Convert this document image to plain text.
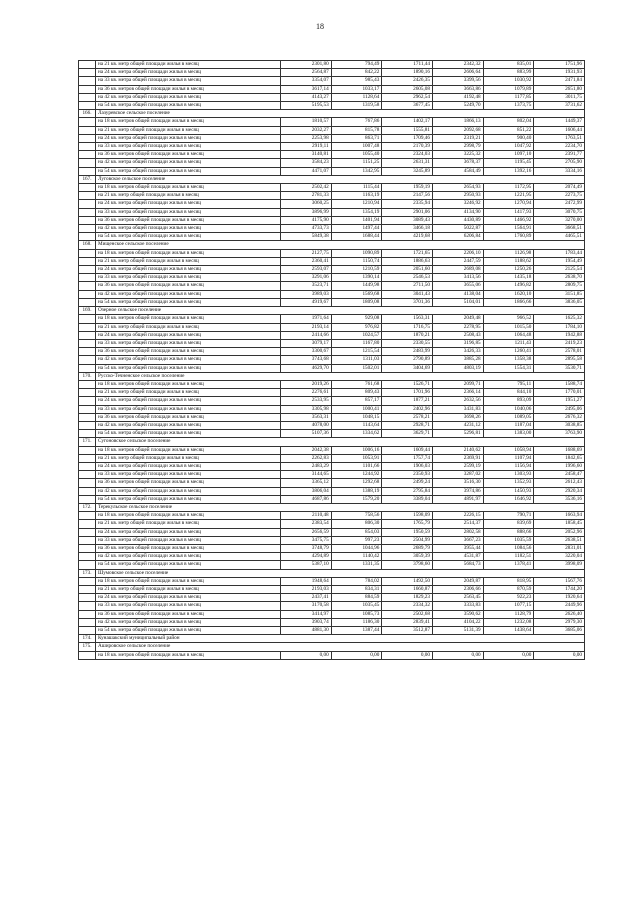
18
	на 21 кв. метр общей площади жилья в месяц	2301,80	794,49	1711,44	2342,32	835,01	1751,96
	на 24 кв. метра общей площади жилья в месяц	2564,87	842,22	1890,16	2606,64	883,99	1931,93
	на 33 кв. метра общей площади жилья в месяц	3354,07	985,43	2426,35	3399,56	1030,92	2471,84
	на 36 кв. метров общей площади жилья в месяц	3617,14	1033,17	2605,08	3663,86	1079,89	2651,80
	на 42 кв. метра общей площади жилья в месяц	4143,27	1128,64	2962,54	4192,48	1177,85	3011,75
	на 54 кв. метра общей площади жилья в месяц	5195,53	1319,58	3677,45	5249,70	1373,75	3731,62
166.	Лазуревское сельское поселение						
	на 18 кв. метров общей площади жилья в месяц	1810,57	767,86	1402,17	1866,13	802,04	1449,37
	на 21 кв. метр общей площади жилья в месяц	2032,27	815,78	1555,81	2092,68	851,22	1606,44
	на 24 кв. метра общей площади жилья в месяц	2253,98	863,71	1709,46	2319,21	900,40	1763,51
	на 33 кв. метра общей площади жилья в месяц	2919,11	1007,48	2170,39	2998,79	1047,92	2234,70
	на 36 кв. метров общей площади жилья в месяц	3140,81	1055,40	2324,03	3225,32	1097,10	2391,77
	на 42 кв. метра общей площади жилья в месяц	3584,23	1151,25	2631,31	3678,37	1195,45	2705,90
	на 54 кв. метра общей площади жилья в месяц	4471,07	1342,95	3245,89	4584,49	1392,16	3334,16
167.	Луговское сельское поселение						
	на 18 кв. метров общей площади жилья в месяц	2502,42	1115,44	1959,19	2654,93	1172,95	2074,49
	на 21 кв. метр общей площади жилья в месяц	2781,33	1163,19	2147,56	2950,93	1221,95	2273,75
	на 24 кв. метра общей площади жилья в месяц	3060,25	1210,94	2335,94	3246,92	1270,94	2472,99
	на 33 кв. метра общей площади жилья в месяц	3896,99	1354,19	2901,06	4134,90	1417,93	3070,75
	на 36 кв. метров общей площади жилья в месяц	4175,90	1401,94	3089,43	4430,89	1466,92	3270,00
	на 42 кв. метра общей площади жилья в месяц	4733,73	1497,44	3466,18	5022,87	1564,91	3668,51
	на 54 кв. метра общей площади жилья в месяц	5849,38	1688,44	4219,68	6206,84	1760,89	4465,51
168.	Мищенское сельское поселение						
	на 18 кв. метров общей площади жилья в месяц	2127,75	1090,89	1721,65	2206,10	1126,98	1783,44
	на 21 кв. метр общей площади жилья в месяц	2360,41	1150,74	1886,63	2447,59	1188,62	1954,49
	на 24 кв. метра общей площади жилья в месяц	2593,07	1210,59	2051,60	2689,08	1250,26	2125,54
	на 33 кв. метра общей площади жилья в месяц	3291,06	1390,14	2546,53	3413,56	1435,18	2638,70
	на 36 кв. метров общей площади жилья в месяц	3523,71	1449,98	2711,50	3655,06	1496,82	2809,75
	на 42 кв. метра общей площади жилья в месяц	3989,03	1569,68	3041,43	4138,04	1620,10	3151,85
	на 54 кв. метра общей площади жилья в месяц	4919,67	1809,08	3701,36	5104,01	1866,66	3836,05
169.	Озерное сельское поселение						
	на 18 кв. метров общей площади жилья в месяц	1971,64	929,08	1563,31	2049,48	966,52	1625,32
	на 21 кв. метр общей площади жилья в месяц	2193,14	976,82	1716,75	2278,95	1015,50	1784,10
	на 24 кв. метра общей площади жилья в месяц	2414,66	1024,57	1870,21	2508,43	1064,48	1942,88
	на 33 кв. метра общей площади жилья в месяц	3079,17	1167,80	2330,55	3196,85	1211,43	2419,23
	на 36 кв. метров общей площади жилья в месяц	3300,67	1215,54	2483,99	3426,33	1260,41	2578,01
	на 42 кв. метра общей площади жилья в месяц	3743,68	1311,03	2790,89	3885,28	1358,38	2895,58
	на 54 кв. метра общей площади жилья в месяц	4629,70	1502,01	3404,69	4803,19	1554,31	3530,71
170.	Русско-Течненское сельское поселение						
	на 18 кв. метров общей площади жилья в месяц	2019,26	761,68	1526,71	2099,71	795,11	1588,74
	на 21 кв. метр общей площади жилья в месяц	2276,61	809,43	1701,96	2366,14	844,10	1770,01
	на 24 кв. метра общей площади жилья в месяц	2533,95	857,17	1877,21	2632,56	893,09	1951,27
	на 33 кв. метра общей площади жилья в месяц	3305,98	1000,41	2402,96	3431,83	1040,06	2495,06
	на 36 кв. метров общей площади жилья в месяц	3563,31	1048,15	2578,21	3698,26	1089,05	2676,32
	на 42 кв. метра общей площади жилья в месяц	4078,00	1143,64	2928,71	4231,12	1187,04	3038,85
	на 54 кв. метра общей площади жилья в месяц	5107,36	1334,62	3629,71	5296,81	1383,00	3763,90
171.	Сугоновское сельское поселение						
	на 18 кв. метров общей площади жилья в месяц	2042,38	1006,16	1609,44	2140,62	1058,94	1688,69
	на 21 кв. метр общей площади жилья в месяц	2262,83	1053,91	1757,74	2369,91	1107,94	1842,65
	на 24 кв. метра общей площади жилья в месяц	2483,29	1101,66	1906,03	2599,19	1156,94	1996,60
	на 33 кв. метра общей площади жилья в месяц	3144,65	1244,92	2350,93	3287,02	1303,93	2458,47
	на 36 кв. метров общей площади жилья в месяц	3365,12	1292,68	2499,24	3516,30	1352,93	2612,43
	на 42 кв. метра общей площади жилья в месяц	3806,04	1388,19	2795,84	3974,86	1450,93	2920,34
	на 54 кв. метра общей площади жилья в месяц	4687,86	1579,20	3389,04	4891,97	1646,92	3536,16
172.	Терекульское сельское поселение						
	на 18 кв. метров общей площади жилья в месяц	2110,48	758,56	1598,09	2226,15	790,71	1663,94
	на 21 кв. метр общей площади жилья в месяц	2383,54	806,30	1765,79	2514,37	839,69	1858,45
	на 24 кв. метра общей площади жилья в месяц	2656,59	854,03	1950,59	2802,58	888,66	2052,96
	на 33 кв. метра общей площади жилья в месяц	3475,75	997,23	2504,99	3667,23	1035,59	2638,51
	на 36 кв. метров общей площади жилья в месяц	3748,79	1044,96	2689,79	3955,44	1084,56	2831,01
	на 42 кв. метра общей площади жилья в месяц	4294,89	1140,42	3059,39	4531,87	1182,51	3220,04
	на 54 кв. метра общей площади жилья в месяц	5387,10	1331,35	3798,60	5684,73	1378,41	3998,09
173.	Шумовское сельское поселение						
	на 18 кв. метров общей площади жилья в месяц	1948,64	784,02	1492,50	2049,87	818,95	1567,76
	на 21 кв. метр общей площади жилья в месяц	2193,03	834,31	1660,87	2306,66	870,59	1744,20
	на 24 кв. метра общей площади жилья в месяц	2437,41	884,59	1829,23	2563,45	922,23	1920,64
	на 33 кв. метра общей площади жилья в месяц	3170,58	1035,45	2334,32	3333,83	1077,15	2449,96
	на 36 кв. метров общей площади жилья в месяц	3414,97	1085,73	2502,68	3590,62	1128,79	2626,40
	на 42 кв. метра общей площади жилья в месяц	3903,74	1186,30	2839,41	4104,22	1232,08	2979,30
	на 54 кв. метра общей площади жилья в месяц	4881,30	1387,44	3512,87	5131,39	1438,64	3685,06
174.	Кунашакский муниципальный район						
175.	Ашировское сельское поселение						
	на 18 кв. метров общей площади жилья в месяц	0,00	0,00	0,00	0,00	0,00	0,00
